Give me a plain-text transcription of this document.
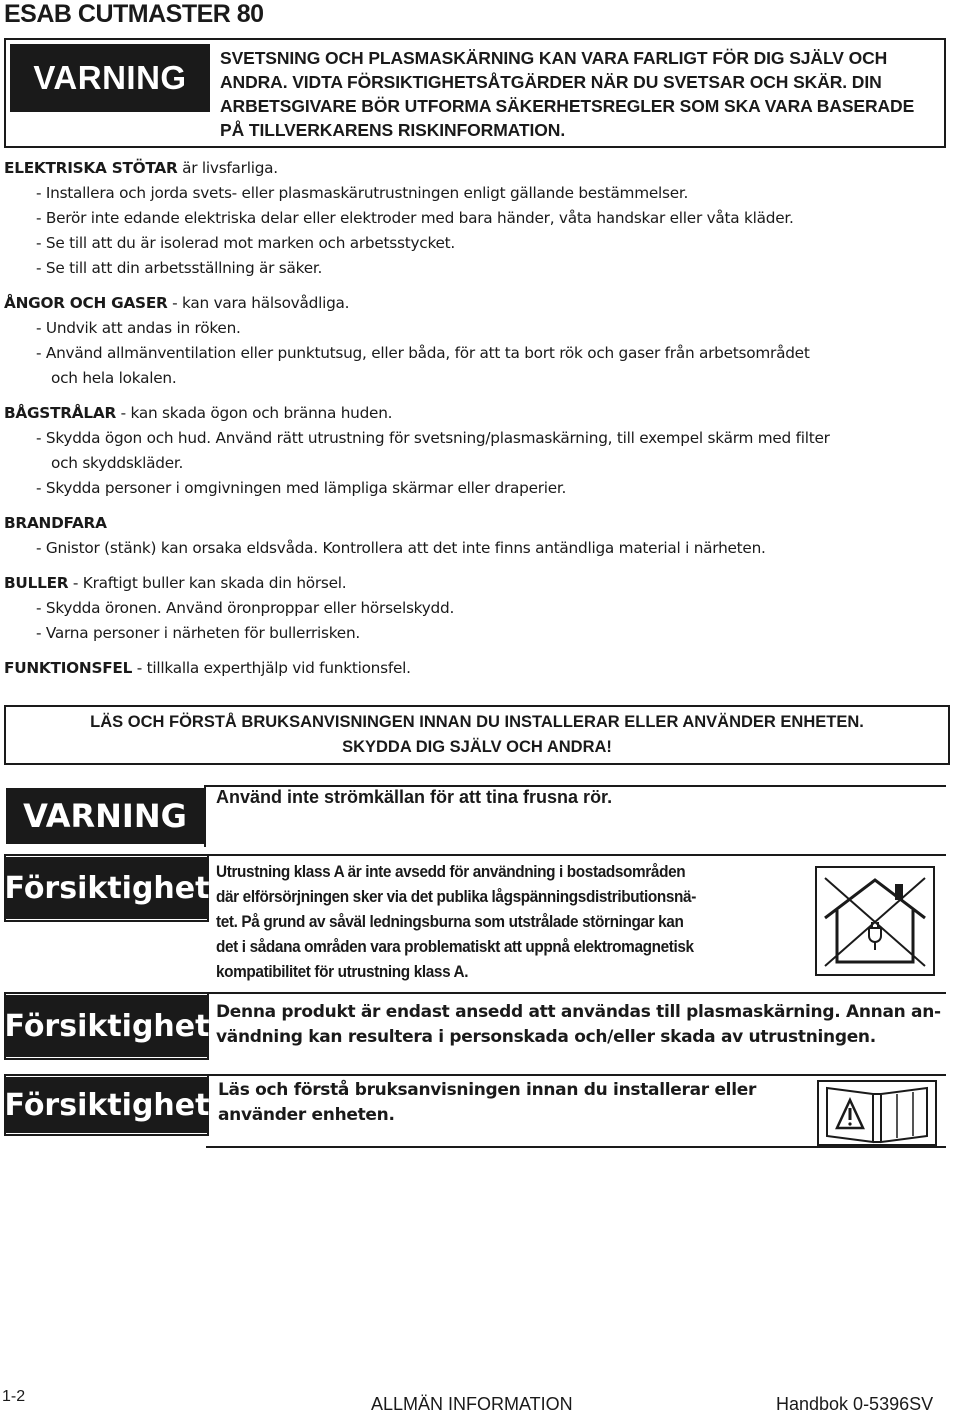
ESAB CUTMASTER 80
VARNING
SVETSNING OCH PLASMASKÄRNING KAN VARA FARLIGT FÖR DIG SJÄLV OCH
ANDRA. VIDTA FÖRSIKTIGHETSÅTGÄRDER NÄR DU SVETSAR OCH SKÄR. DIN
ARBETSGIVARE BÖR UTFORMA SÄKERHETSREGLER SOM SKA VARA BASERADE
PÅ TILLVERKARENS RISKINFORMATION.

ELEKTRISKA STÖTAR är livsfarliga.

- Installera och jorda svets- eller plasmaskärutrustningen enligt gällande bestämmelser.

- Berör inte edande elektriska delar eller elektroder med bara händer, våta handskar eller våta kläder.

- Se till att du är isolerad mot marken och arbetsstycket.

- Se till att din arbetsställning är säker.

ÅNGOR OCH GASER - kan vara hälsovådliga.

- Undvik att andas in röken.

- Använd allmänventilation eller punktutsug, eller båda, för att ta bort rök och gaser från arbetsområdet

och hela lokalen.

BÅGSTRÅLAR - kan skada ögon och bränna huden.

- Skydda ögon och hud. Använd rätt utrustning för svetsning/plasmaskärning, till exempel skärm med filter

och skyddskläder.

- Skydda personer i omgivningen med lämpliga skärmar eller draperier.

BRANDFARA

- Gnistor (stänk) kan orsaka eldsvåda. Kontrollera att det inte finns antändliga material i närheten.

BULLER - Kraftigt buller kan skada din hörsel.

- Skydda öronen. Använd öronproppar eller hörselskydd.

- Varna personer i närheten för bullerrisken.

FUNKTIONSFEL - tillkalla experthjälp vid funktionsfel.

LÄS OCH FÖRSTÅ BRUKSANVISNINGEN INNAN DU INSTALLERAR ELLER ANVÄNDER ENHETEN.
SKYDDA DIG SJÄLV OCH ANDRA!
VARNING	Använd inte strömkällan för att tina frusna rör.
Försiktighet Utrustning klass A är inte avsedd för användning i bostadsområden
där elförsörjningen sker via det publika lågspänningsdistributionsnä-
tet. På grund av såväl ledningsburna som utstrålade störningar kan
det i sådana områden vara problematiskt att uppnå elektromagnetisk
kompatibilitet för utrustning klass A.
Försiktighet Denna produkt är endast ansedd att användas till plasmaskärning. Annan an-
vändning kan resultera i personskada och/eller skada av utrustningen.
Försiktighet Läs och förstå bruksanvisningen innan du installerar eller
använder enheten.
1-2	ALLMÄN INFORMATION	Handbok 0-5396SV
